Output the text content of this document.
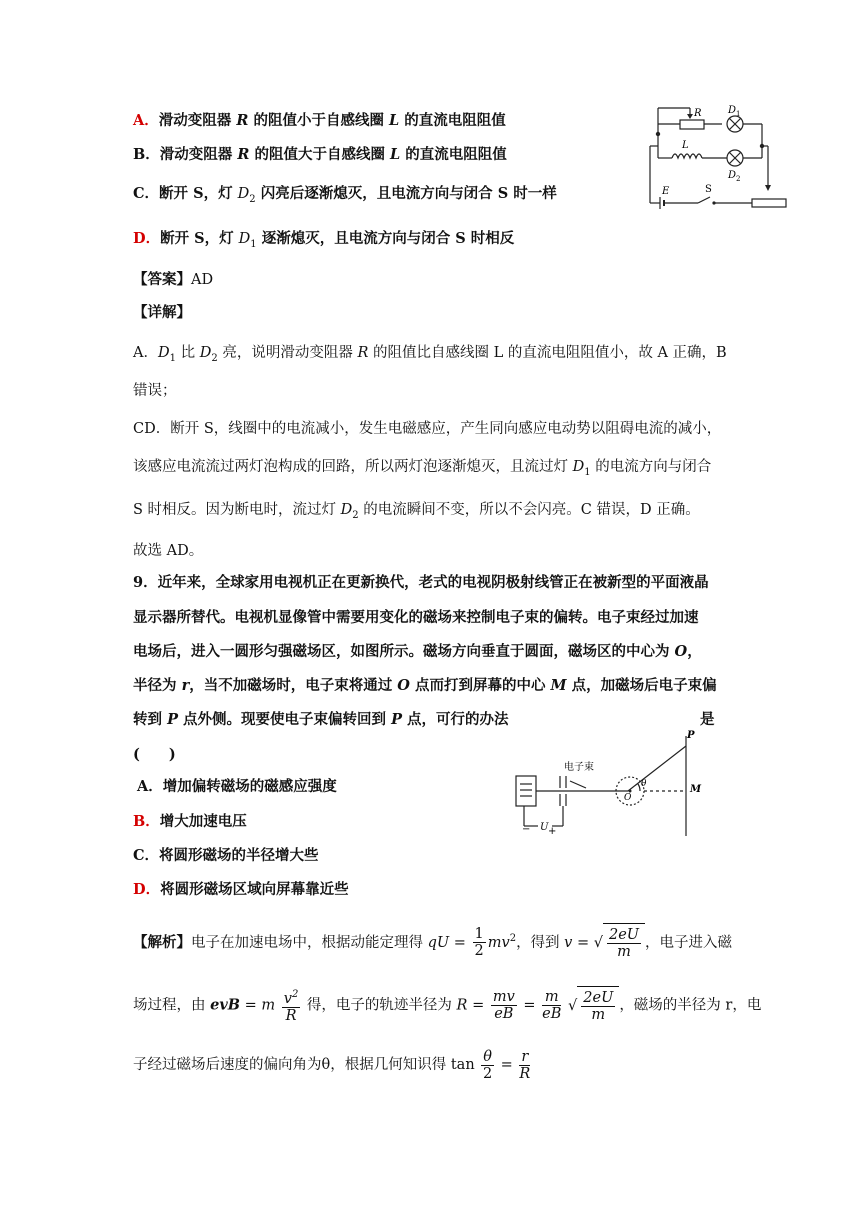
A．滑动变阻器 R 的阻值小于自感线圈 L 的直流电阻阻值
B．滑动变阻器 R 的阻值大于自感线圈 L 的直流电阻阻值
C．断开 S，灯 $D_2$ 闪亮后逐渐熄灭，且电流方向与闭合 S 时一样
D．断开 S，灯 $D_1$ 逐渐熄灭，且电流方向与闭合 S 时相反
R	D 1
L
D 2
E	S
【答案】AD
【详解】
A．$D_1$ 比 $D_2$ 亮，说明滑动变阻器 R 的阻值比自感线圈 L 的直流电阻阻值小，故 A 正确，B
错误；
CD．断开 S，线圈中的电流减小，发生电磁感应，产生同向感应电动势以阻碍电流的减小，
该感应电流流过两灯泡构成的回路，所以两灯泡逐渐熄灭，且流过灯 $D_1$ 的电流方向与闭合
S 时相反。因为断电时，流过灯 $D_2$ 的电流瞬间不变，所以不会闪亮。C 错误，D 正确。
故选 AD。
9．近年来，全球家用电视机正在更新换代，老式的电视阴极射线管正在被新型的平面液晶
显示器所替代。电视机显像管中需要用变化的磁场来控制电子束的偏转。电子束经过加速
电场后，进入一圆形匀强磁场区，如图所示。磁场方向垂直于圆面，磁场区的中心为 O，
半径为 r，当不加磁场时，电子束将通过 O 点而打到屏幕的中心 M 点，加磁场后电子束偏
转到 P 点外侧。现要使电子束偏转回到 P 点，可行的办法	是
(　　)
A．增加偏转磁场的磁感应强度
B．增大加速电压
C．将圆形磁场的半径增大些
D．将圆形磁场区域向屏幕靠近些
电子束
− U +
O
θ
P
M
【解析】电子在加速电场中，根据动能定理得 qU = $\frac{1}{2} mv^2$，得到 v = √ $\frac{2eU}{m}$ ，电子进入磁
场过程，由 evB = m $\frac{v^2}{R}$ 得，电子的轨迹半径为 $R = \frac{mv}{eB} = \frac{m}{eB}$ √ $\frac{2eU}{m}$ ，磁场的半径为 r，电
子经过磁场后速度的偏向角为θ，根据几何知识得 $\tan \frac{\theta}{2} = \frac{r}{R}$
